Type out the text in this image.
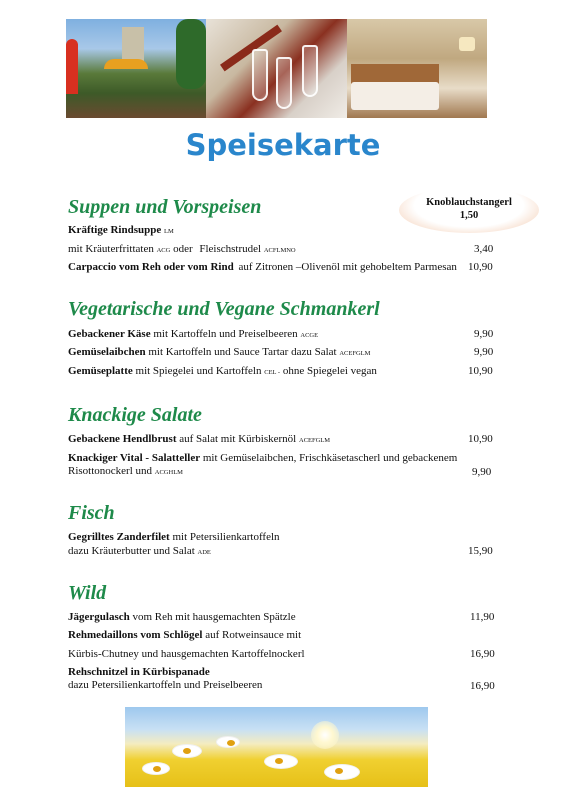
Speisekarte
Knoblauchstangerl
1,50
Suppen und Vorspeisen
Kräftige Rindsuppe LM
mit Kräuterfrittaten ACG oder Fleischstrudel ACFLMNO	3,40
Carpaccio vom Reh oder vom Rind auf Zitronen –Olivenöl mit gehobeltem Parmesan 10,90
Vegetarische und Vegane Schmankerl
Gebackener Käse mit Kartoffeln und Preiselbeeren ACGE	9,90
Gemüselaibchen mit Kartoffeln und Sauce Tartar dazu Salat ACEFGLM	9,90
Gemüseplatte mit Spiegelei und Kartoffeln CEL - ohne Spiegelei vegan	10,90
Knackige Salate
Gebackene Hendlbrust auf Salat mit Kürbiskernöl ACEFGLM	10,90
Knackiger Vital - Salatteller mit Gemüselaibchen, Frischkäsetascherl und gebackenem
Risottonockerl und ACGHLM	9,90
Fisch
Gegrilltes Zanderfilet mit Petersilienkartoffeln
dazu Kräuterbutter und Salat ADE	15,90
Wild
Jägergulasch vom Reh mit hausgemachten Spätzle	11,90
Rehmedaillons vom Schlögel auf Rotweinsauce mit
Kürbis-Chutney und hausgemachten Kartoffelnockerl	16,90
Rehschnitzel in Kürbispanade
dazu Petersilienkartoffeln und Preiselbeeren	16,90
